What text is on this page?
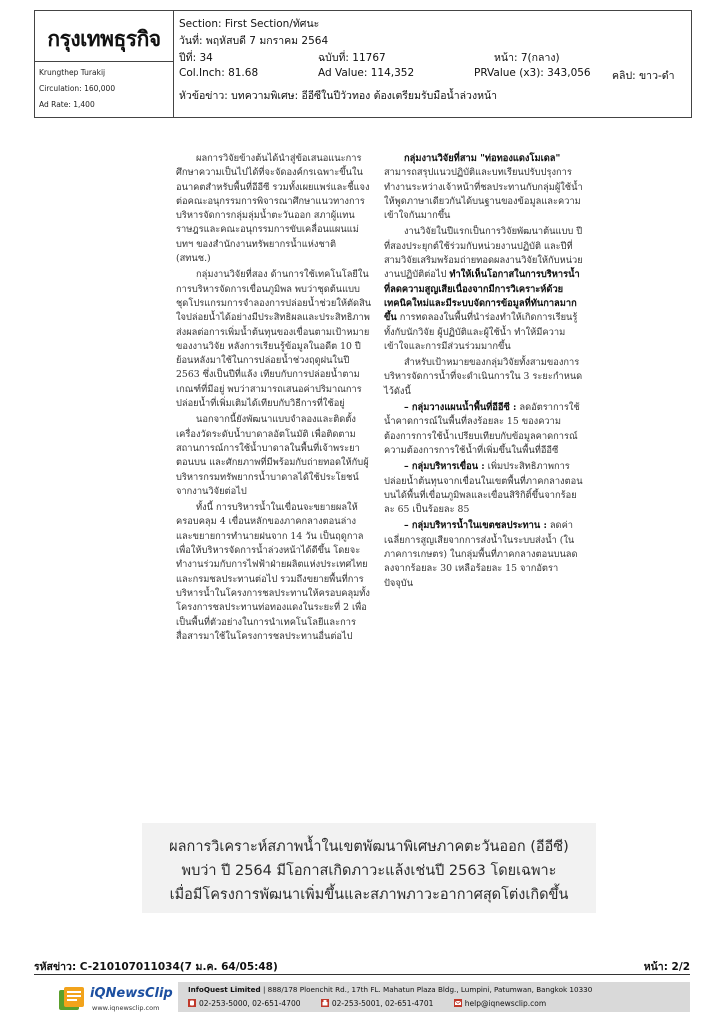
กรุงเทพธุรกิจ
Krungthep Turakij
Circulation: 160,000
Ad Rate: 1,400
Section: First Section/ทัศนะ
วันที่: พฤหัสบดี 7 มกราคม 2564
ปีที่: 34	ฉบับที่: 11767	หน้า: 7(กลาง)
Col.Inch: 81.68	Ad Value: 114,352	PRValue (x3): 343,056 คลิป: ขาว-ดำ
หัวข้อข่าว: บทความพิเศษ: อีอีซีในปีวัวทอง ต้องเตรียมรับมือน้ำล่วงหน้า

ผลการวิจัยข้างต้นได้นำสู่ข้อเสนอแนะการศึกษาความเป็นไปได้ที่จะจัดองค์กรเฉพาะขึ้นในอนาคตสำหรับพื้นที่อีอีซี รวมทั้งเผยแพร่และชี้แจงต่อคณะอนุกรรมการพิจารณาศึกษาแนวทางการบริหารจัดการกลุ่มลุ่มน้ำตะวันออก สภาผู้แทนราษฎรและคณะอนุกรรมการขับเคลื่อนแผนแม่บทฯ ของสำนักงานทรัพยากรน้ำแห่งชาติ (สทนช.)

กลุ่มงานวิจัยที่สอง ด้านการใช้เทคโนโลยีในการบริหารจัดการเขื่อนภูมิพล พบว่าชุดต้นแบบชุดโปรแกรมการจำลองการปล่อยน้ำช่วยให้ตัดสินใจปล่อยน้ำได้อย่างมีประสิทธิผลและประสิทธิภาพ ส่งผลต่อการเพิ่มน้ำต้นทุนของเขื่อนตามเป้าหมายของงานวิจัย หลังการเรียนรู้ข้อมูลในอดีต 10 ปีย้อนหลังมาใช้ในการปล่อยน้ำช่วงฤดูฝนในปี 2563 ซึ่งเป็นปีที่แล้ง เทียบกับการปล่อยน้ำตามเกณฑ์ที่มีอยู่ พบว่าสามารถเสนอค่าปริมาณการปล่อยน้ำที่เพิ่มเติมได้เทียบกับวิธีการที่ใช้อยู่

นอกจากนี้ยังพัฒนาแบบจำลองและติดตั้งเครื่องวัดระดับน้ำบาดาลอัตโนมัติ เพื่อติดตามสถานการณ์การใช้น้ำบาดาลในพื้นที่เจ้าพระยาตอนบน และศักยภาพที่มีพร้อมกับถ่ายทอดให้กับผู้บริหารกรมทรัพยากรน้ำบาดาลได้ใช้ประโยชน์จากงานวิจัยต่อไป

ทั้งนี้ การบริหารน้ำในเขื่อนจะขยายผลให้ครอบคลุม 4 เขื่อนหลักของภาคกลางตอนล่าง และขยายการทำนายฝนจาก 14 วัน เป็นฤดูกาลเพื่อให้บริหารจัดการน้ำล่วงหน้าได้ดีขึ้น โดยจะทำงานร่วมกับการไฟฟ้าฝ่ายผลิตแห่งประเทศไทยและกรมชลประทานต่อไป รวมถึงขยายพื้นที่การบริหารน้ำในโครงการชลประทานให้ครอบคลุมทั้งโครงการชลประทานท่อทองแดงในระยะที่ 2 เพื่อเป็นพื้นที่ตัวอย่างในการนำเทคโนโลยีและการสื่อสารมาใช้ในโครงการชลประทานอื่นต่อไป

กลุ่มงานวิจัยที่สาม "ท่อทองแดงโมเดล" สามารถสรุปแนวปฏิบัติและบทเรียนปรับปรุงการทำงานระหว่างเจ้าหน้าที่ชลประทานกับกลุ่มผู้ใช้น้ำให้พูดภาษาเดียวกันได้บนฐานของข้อมูลและความเข้าใจกันมากขึ้น

งานวิจัยในปีแรกเป็นการวิจัยพัฒนาต้นแบบ ปีที่สองประยุกต์ใช้ร่วมกับหน่วยงานปฏิบัติ และปีที่สามวิจัยเสริมพร้อมถ่ายทอดผลงานวิจัยให้กับหน่วยงานปฏิบัติต่อไป ทำให้เห็นโอกาสในการบริหารน้ำที่ลดความสูญเสียเนื่องจากมีการวิเคราะห์ด้วยเทคนิคใหม่และมีระบบจัดการข้อมูลที่ทันกาลมากขึ้น การทดลองในพื้นที่นำร่องทำให้เกิดการเรียนรู้ทั้งกับนักวิจัย ผู้ปฏิบัติและผู้ใช้น้ำ ทำให้มีความเข้าใจและการมีส่วนร่วมมากขึ้น

สำหรับเป้าหมายของกลุ่มวิจัยทั้งสามของการบริหารจัดการน้ำที่จะดำเนินการใน 3 ระยะกำหนดไว้ดังนี้

– กลุ่มวางแผนน้ำพื้นที่อีอีซี : ลดอัตราการใช้น้ำคาดการณ์ในพื้นที่ลงร้อยละ 15 ของความต้องการการใช้น้ำเปรียบเทียบกับข้อมูลคาดการณ์ความต้องการการใช้น้ำที่เพิ่มขึ้นในพื้นที่อีอีซี

– กลุ่มบริหารเขื่อน : เพิ่มประสิทธิภาพการปล่อยน้ำต้นทุนจากเขื่อนในเขตพื้นที่ภาคกลางตอนบนได้พื้นที่เขื่อนภูมิพลและเขื่อนสิริกิติ์ขึ้นจากร้อยละ 65 เป็นร้อยละ 85

– กลุ่มบริหารน้ำในเขตชลประทาน : ลดค่าเฉลี่ยการสูญเสียจากการส่งน้ำในระบบส่งน้ำ (ในภาคการเกษตร) ในกลุ่มพื้นที่ภาคกลางตอนบนลดลงจากร้อยละ 30 เหลือร้อยละ 15 จากอัตราปัจจุบัน

ผลการวิเคราะห์สภาพน้ำในเขตพัฒนาพิเศษภาคตะวันออก (อีอีซี)
พบว่า ปี 2564 มีโอกาสเกิดภาวะแล้งเช่นปี 2563 โดยเฉพาะ
เมื่อมีโครงการพัฒนาเพิ่มขึ้นและสภาพภาวะอากาศสุดโต่งเกิดขึ้น
รหัสข่าว: C-210107011034(7 ม.ค. 64/05:48)	หน้า: 2/2
iQNewsClip
www.iqnewsclip.com
InfoQuest Limited | 888/178 Ploenchit Rd., 17th FL. Mahatun Plaza Bldg., Lumpini, Patumwan, Bangkok 10330
02-253-5000, 02-651-4700	02-253-5001, 02-651-4701	help@iqnewsclip.com
